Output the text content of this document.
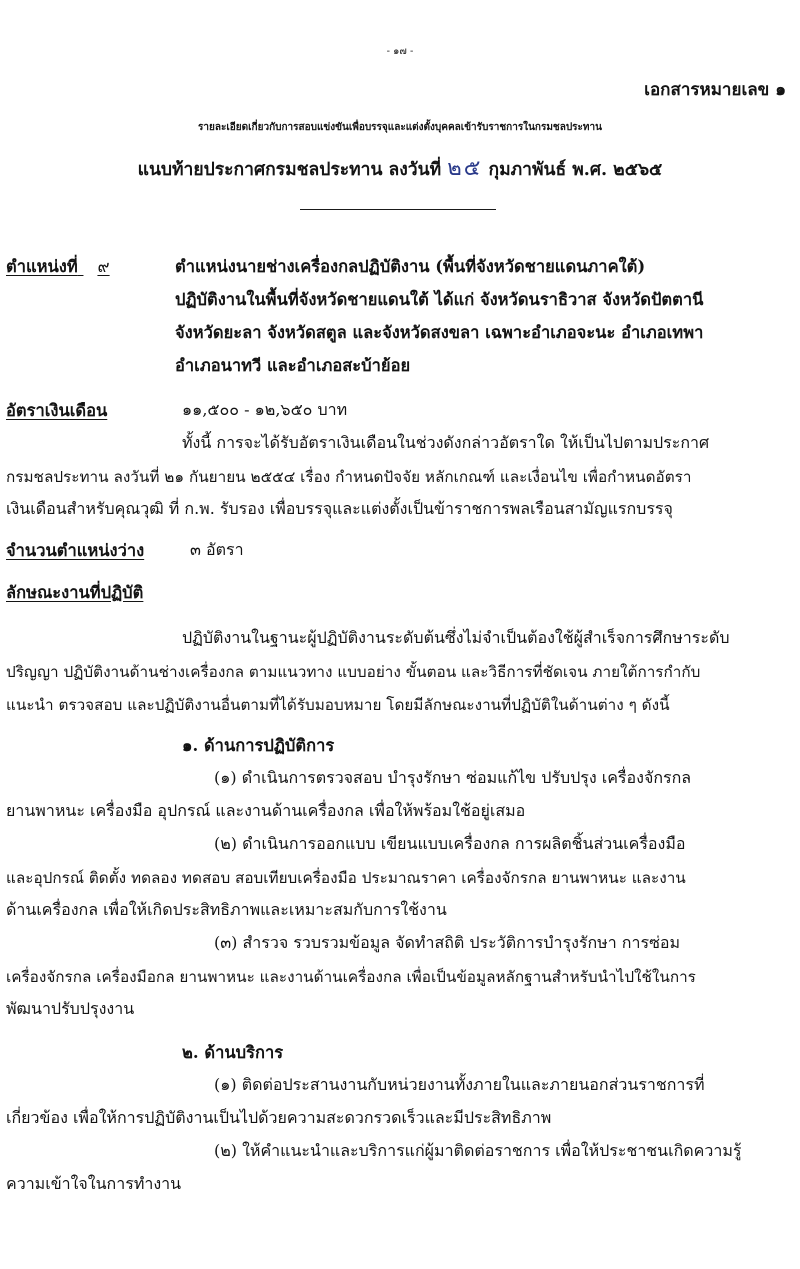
- ๑๗ -
เอกสารหมายเลข ๑
รายละเอียดเกี่ยวกับการสอบแข่งขันเพื่อบรรจุและแต่งตั้งบุคคลเข้ารับราชการในกรมชลประทาน
แนบท้ายประกาศกรมชลประทาน ลงวันที่ ๒๕ กุมภาพันธ์ พ.ศ. ๒๕๖๕
ตำแหน่งที่ ๙	ตำแหน่งนายช่างเครื่องกลปฏิบัติงาน (พื้นที่จังหวัดชายแดนภาคใต้)
ปฏิบัติงานในพื้นที่จังหวัดชายแดนใต้ ได้แก่ จังหวัดนราธิวาส จังหวัดปัตตานี
จังหวัดยะลา จังหวัดสตูล และจังหวัดสงขลา เฉพาะอำเภอจะนะ อำเภอเทพา
อำเภอนาทวี และอำเภอสะบ้าย้อย
อัตราเงินเดือน	๑๑,๕๐๐ - ๑๒,๖๕๐ บาท
ทั้งนี้ การจะได้รับอัตราเงินเดือนในช่วงดังกล่าวอัตราใด ให้เป็นไปตามประกาศ
กรมชลประทาน ลงวันที่ ๒๑ กันยายน ๒๕๕๔ เรื่อง กำหนดปัจจัย หลักเกณฑ์ และเงื่อนไข เพื่อกำหนดอัตรา
เงินเดือนสำหรับคุณวุฒิ ที่ ก.พ. รับรอง เพื่อบรรจุและแต่งตั้งเป็นข้าราชการพลเรือนสามัญแรกบรรจุ
จำนวนตำแหน่งว่าง	๓ อัตรา
ลักษณะงานที่ปฏิบัติ
ปฏิบัติงานในฐานะผู้ปฏิบัติงานระดับต้นซึ่งไม่จำเป็นต้องใช้ผู้สำเร็จการศึกษาระดับ
ปริญญา ปฏิบัติงานด้านช่างเครื่องกล ตามแนวทาง แบบอย่าง ขั้นตอน และวิธีการที่ชัดเจน ภายใต้การกำกับ
แนะนำ ตรวจสอบ และปฏิบัติงานอื่นตามที่ได้รับมอบหมาย โดยมีลักษณะงานที่ปฏิบัติในด้านต่าง ๆ ดังนี้
๑. ด้านการปฏิบัติการ
(๑) ดำเนินการตรวจสอบ บำรุงรักษา ซ่อมแก้ไข ปรับปรุง เครื่องจักรกล
ยานพาหนะ เครื่องมือ อุปกรณ์ และงานด้านเครื่องกล เพื่อให้พร้อมใช้อยู่เสมอ
(๒) ดำเนินการออกแบบ เขียนแบบเครื่องกล การผลิตชิ้นส่วนเครื่องมือ
และอุปกรณ์ ติดตั้ง ทดลอง ทดสอบ สอบเทียบเครื่องมือ ประมาณราคา เครื่องจักรกล ยานพาหนะ และงาน
ด้านเครื่องกล เพื่อให้เกิดประสิทธิภาพและเหมาะสมกับการใช้งาน
(๓) สำรวจ รวบรวมข้อมูล จัดทำสถิติ ประวัติการบำรุงรักษา การซ่อม
เครื่องจักรกล เครื่องมือกล ยานพาหนะ และงานด้านเครื่องกล เพื่อเป็นข้อมูลหลักฐานสำหรับนำไปใช้ในการ
พัฒนาปรับปรุงงาน
๒. ด้านบริการ
(๑) ติดต่อประสานงานกับหน่วยงานทั้งภายในและภายนอกส่วนราชการที่
เกี่ยวข้อง เพื่อให้การปฏิบัติงานเป็นไปด้วยความสะดวกรวดเร็วและมีประสิทธิภาพ
(๒) ให้คำแนะนำและบริการแก่ผู้มาติดต่อราชการ เพื่อให้ประชาชนเกิดความรู้
ความเข้าใจในการทำงาน
